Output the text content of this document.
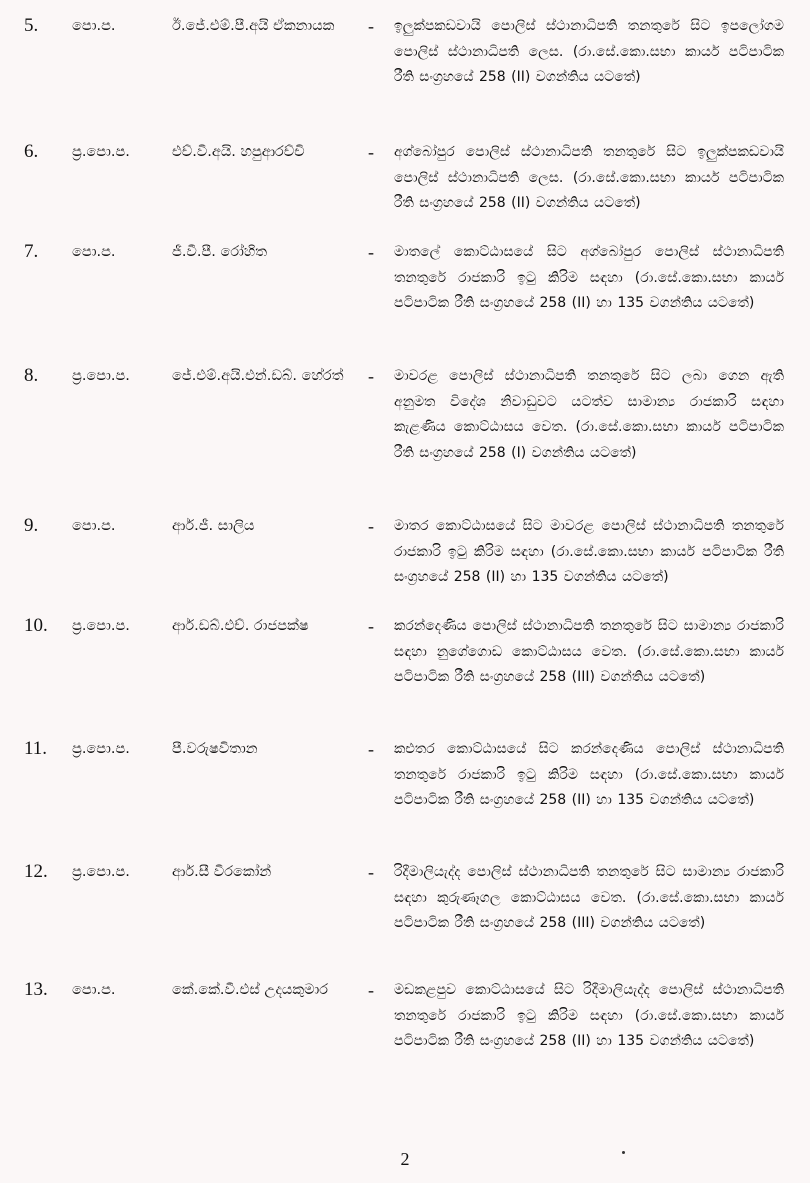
5.	පො.ප.	ඊ.ජේ.එම්.පී.අයි ඒකනායක	-	ඉලුක්පකඩවායි පොලිස් ස්ථානාධිපති තනතුරේ සිට ඉපලෝගම පොලිස් ස්ථානාධිපති ලෙස. (රා.සේ.කො.සභා කාර්ය පටිපාටික රීති සංග්‍රහයේ 258 (II) වගන්තිය යටතේ)
6.	ප්‍ර.පො.ප.	එච්.වී.අයි. හපුආරච්චි	-	අග්බෝපුර පොලිස් ස්ථානාධිපති තනතුරේ සිට ඉලුක්පකඩවායි පොලිස් ස්ථානාධිපති ලෙස. (රා.සේ.කො.සභා කාර්ය පටිපාටික රීති සංග්‍රහයේ 258 (II) වගන්තිය යටතේ)
7.	පො.ප.	ජී.වී.පී. රෝහිත	-	මාතලේ කොට්ඨාසයේ සිට අග්බෝපුර පොලිස් ස්ථානාධිපති තනතුරේ රාජකාරි ඉටු කිරිම සඳහා (රා.සේ.කො.සභා කාර්ය පටිපාටික රීති සංග්‍රහයේ 258 (II) හා 135 වගන්තිය යටතේ)
8.	ප්‍ර.පො.ප.	ජේ.එම්.අයි.එන්.ඩබ්. හේරත්	-	මාවරළ පොලිස් ස්ථානාධිපති තනතුරේ සිට ලබා ගෙන ඇති අනුමත විදේශ නිවාඩුවට යටත්ව සාමාන්‍ය රාජකාරි සඳහා කැළණිය කොට්ඨාසය වෙත. (රා.සේ.කො.සභා කාර්ය පටිපාටික රීති සංග්‍රහයේ 258 (I) වගන්තිය යටතේ)
9.	පො.ප.	ආර්.ජී. සාලිය	-	මාතර කොට්ඨාසයේ සිට මාවරළ පොලිස් ස්ථානාධිපති තනතුරේ රාජකාරි ඉටු කිරිම සඳහා (රා.සේ.කො.සභා කාර්ය පටිපාටික රීති සංග්‍රහයේ 258 (II) හා 135 වගන්තිය යටතේ)
10.	ප්‍ර.පො.ප.	ආර්.ඩබ්.එච්. රාජපක්ෂ	-	කරන්දෙණිය පොලිස් ස්ථානාධිපති තනතුරේ සිට සාමාන්‍ය රාජකාරි සඳහා නුගේගොඩ කොට්ඨාසය වෙත. (රා.සේ.කො.සභා කාර්ය පටිපාටික රීති සංග්‍රහයේ 258 (III) වගන්තිය යටතේ)
11.	ප්‍ර.පො.ප.	පී.වරුෂවිතාන	-	කළුතර කොට්ඨාසයේ සිට කරන්දෙණිය පොලිස් ස්ථානාධිපති තනතුරේ රාජකාරි ඉටු කිරිම සඳහා (රා.සේ.කො.සභා කාර්ය පටිපාටික රීති සංග්‍රහයේ 258 (II) හා 135 වගන්තිය යටතේ)
12.	ප්‍ර.පො.ප.	ආර්.සී වීරකෝන්	-	රිදීමාලියැද්ද පොලිස් ස්ථානාධිපති තනතුරේ සිට සාමාන්‍ය රාජකාරි සඳහා කුරුණෑගල කොට්ඨාසය වෙත. (රා.සේ.කො.සභා කාර්ය පටිපාටික රීති සංග්‍රහයේ 258 (III) වගන්තිය යටතේ)
13.	පො.ප.	කේ.කේ.වී.එස් උදයකුමාර	-	මඩකළපුව කොට්ඨාසයේ සිට රිදීමාලියැද්ද පොලිස් ස්ථානාධිපති තනතුරේ රාජකාරි ඉටු කිරිම සඳහා (රා.සේ.කො.සභා කාර්ය පටිපාටික රීති සංග්‍රහයේ 258 (II) හා 135 වගන්තිය යටතේ)
2
